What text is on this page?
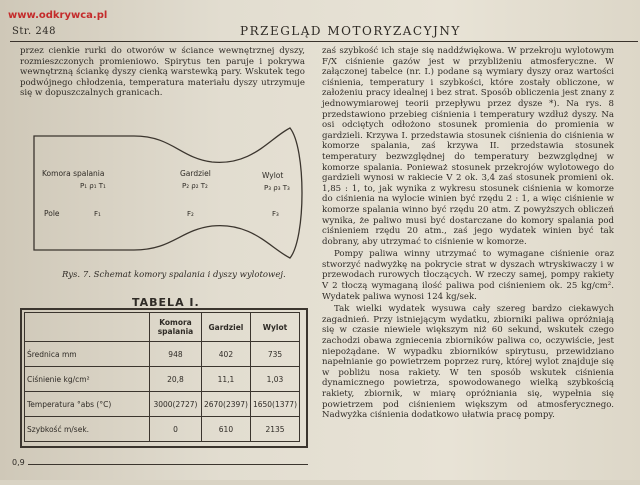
www.odkrywca.pl
Str. 248	PRZEGLĄD MOTORYZACYJNY

przez cienkie rurki do otworów w ściance wewnętrznej dyszy, rozmieszczonych promieniowo. Spirytus ten paruje i pokrywa wewnętrzną ściankę dyszy cienką warstewką pary. Wskutek tego podwójnego chłodzenia, temperatura materiału dyszy utrzymuje się w dopuszczalnych granicach.

Komora spalania
P₁ ρ₁ T₁
Gardziel
P₂ ρ₂ T₂
Wylot
P₃ ρ₃ T₃
Pole	F₁	F₂	F₃
Rys. 7. Schemat komory spalania i dyszy wylotowej.
TABELA I.
	Komora spalania	Gardziel	Wylot
Średnica mm	948	402	735
Ciśnienie kg/cm²	20,8	11,1	1,03
Temperatura °abs (°C)	3000(2727)	2670(2397)	1650(1377)
Szybkość m/sek.	0	610	2135
0,9

zaś szybkość ich staje się naddźwiękowa. W przekroju wylotowym F/X ciśnienie gazów jest w przybliżeniu atmosferyczne. W załączonej tabelce (nr. I.) podane są wymiary dyszy oraz wartości ciśnienia, temperatury i szybkości, które zostały obliczone, w założeniu pracy idealnej i bez strat. Sposób obliczenia jest znany z jednowymiarowej teorii przepływu przez dysze *). Na rys. 8 przedstawiono przebieg ciśnienia i temperatury wzdłuż dyszy. Na osi odciętych odłożono stosunek promienia do promienia w gardzieli. Krzywa I. przedstawia stosunek ciśnienia do ciśnienia w komorze spalania, zaś krzywa II. przedstawia stosunek temperatury bezwzględnej do temperatury bezwzględnej w komorze spalania. Ponieważ stosunek przekrojów wylotowego do gardzieli wynosi w rakiecie V 2 ok. 3,4 zaś stosunek promieni ok. 1,85 : 1, to, jak wynika z wykresu stosunek ciśnienia w komorze do ciśnienia na wylocie winien być rzędu 2 : 1, a więc ciśnienie w komorze spalania winno być rzędu 20 atm. Z powyższych obliczeń wynika, że paliwo musi być dostarczane do komory spalania pod ciśnieniem rzędu 20 atm., zaś jego wydatek winien być tak dobrany, aby utrzymać to ciśnienie w komorze.

Pompy paliwa winny utrzymać to wymagane ciśnienie oraz stworzyć nadwyżkę na pokrycie strat w dyszach wtryskiwaczy i w przewodach rurowych tłoczących. W rzeczy samej, pompy rakiety V 2 tłoczą wymaganą ilość paliwa pod ciśnieniem ok. 25 kg/cm². Wydatek paliwa wynosi 124 kg/sek.

Tak wielki wydatek wysuwa cały szereg bardzo ciekawych zagadnień. Przy istniejącym wydatku, zbiorniki paliwa opróżniają się w czasie niewiele większym niż 60 sekund, wskutek czego zachodzi obawa zgniecenia zbiorników paliwa co, oczywiście, jest niepożądane. W wypadku zbiorników spirytusu, przewidziano napełnianie go powietrzem poprzez rurę, której wylot znajduje się w pobliżu nosa rakiety. W ten sposób wskutek ciśnienia dynamicznego powietrza, spowodowanego wielką szybkością rakiety, zbiornik, w miarę opróżniania się, wypełnia się powietrzem pod ciśnieniem większym od atmosferycznego. Nadwyżka ciśnienia dodatkowo ułatwia pracę pompy.
